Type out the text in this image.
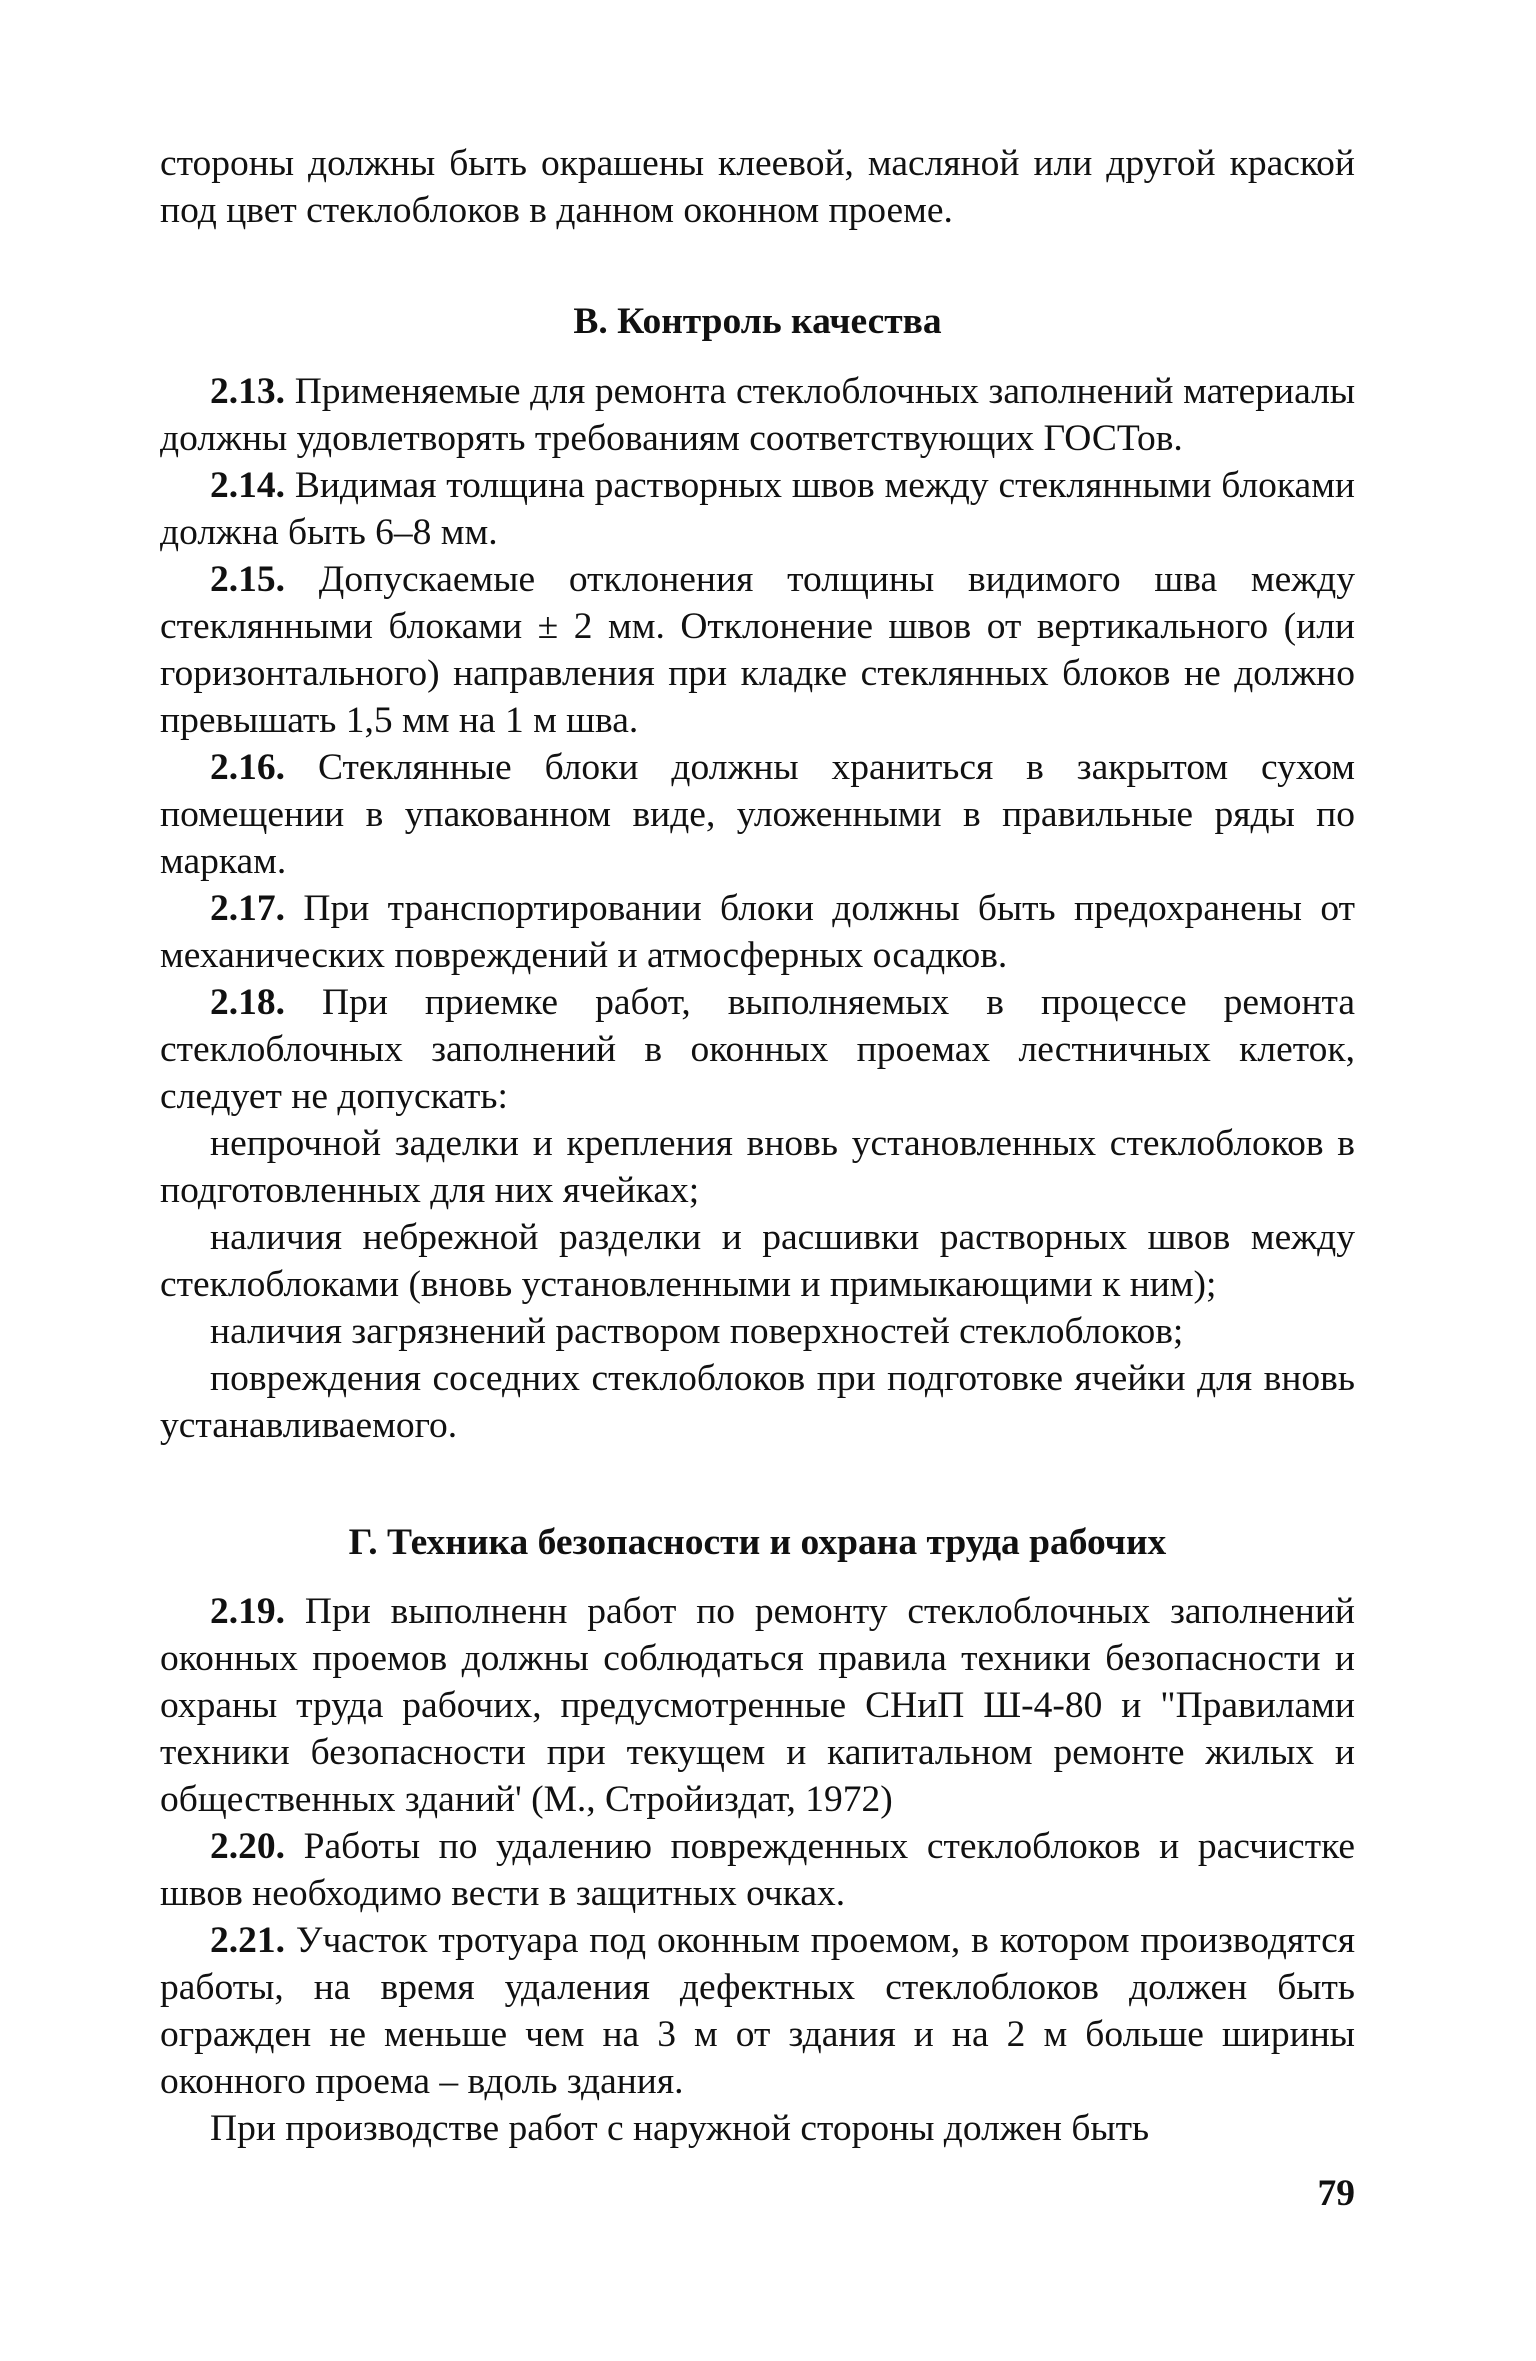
стороны должны быть окрашены клеевой, масляной или другой краской под цвет стеклоблоков в данном оконном проеме.

В. Контроль качества

2.13. Применяемые для ремонта стеклоблочных заполнений материалы должны удовлетворять требованиям соответствующих ГОСТов.

2.14. Видимая толщина растворных швов между стеклянными блоками должна быть 6–8 мм.

2.15. Допускаемые отклонения толщины видимого шва между стеклянными блоками ± 2 мм. Отклонение швов от вертикального (или горизонтального) направления при кладке стеклянных блоков не должно превышать 1,5 мм на 1 м шва.

2.16. Стеклянные блоки должны храниться в закрытом сухом помещении в упакованном виде, уложенными в правильные ряды по маркам.

2.17. При транспортировании блоки должны быть предохранены от механических повреждений и атмосферных осадков.

2.18. При приемке работ, выполняемых в процессе ремонта стеклоблочных заполнений в оконных проемах лестничных клеток, следует не допускать:

непрочной заделки и крепления вновь установленных стеклоблоков в подготовленных для них ячейках;

наличия небрежной разделки и расшивки растворных швов между стеклоблоками (вновь установленными и примыкающими к ним);

наличия загрязнений раствором поверхностей стеклоблоков;

повреждения соседних стеклоблоков при подготовке ячейки для вновь устанавливаемого.

Г. Техника безопасности и охрана труда рабочих

2.19. При выполненн работ по ремонту стеклоблочных заполнений оконных проемов должны соблюдаться правила техники безопасности и охраны труда рабочих, предусмотренные СНиП Ш-4-80 и "Правилами техники безопасности при текущем и капитальном ремонте жилых и общественных зданий' (М., Стройиздат, 1972)

2.20. Работы по удалению поврежденных стеклоблоков и расчистке швов необходимо вести в защитных очках.

2.21. Участок тротуара под оконным проемом, в котором производятся работы, на время удаления дефектных стеклоблоков должен быть огражден не меньше чем на 3 м от здания и на 2 м больше ширины оконного проема – вдоль здания.

При производстве работ с наружной стороны должен быть

79
